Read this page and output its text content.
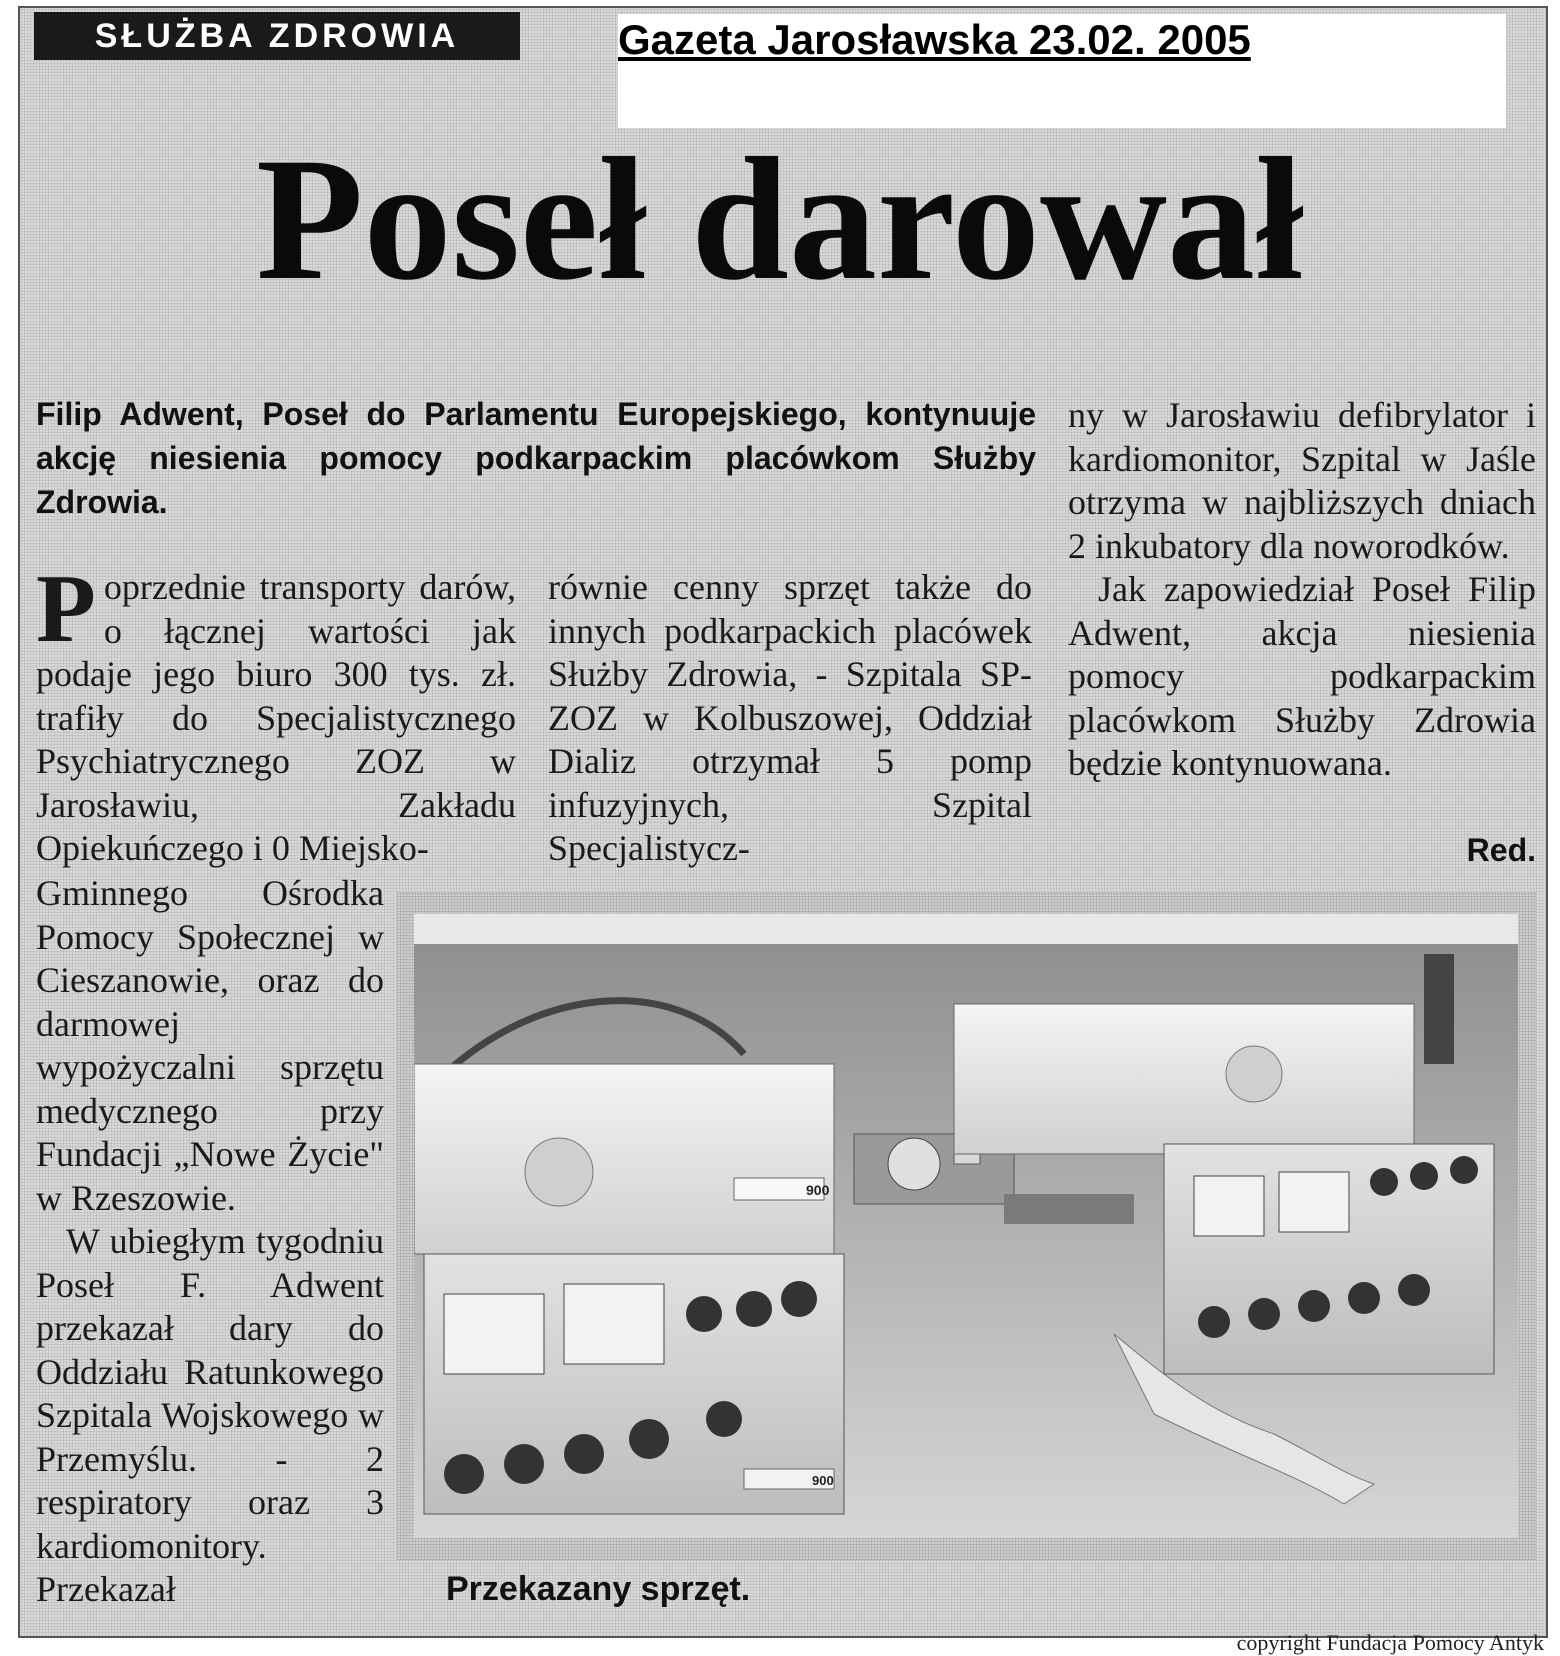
SŁUŻBA ZDROWIA	Gazeta Jarosławska 23.02. 2005
Poseł darował
Filip Adwent, Poseł do Parlamentu Europejskiego, kontynuuje akcję niesienia pomocy podkarpackim placówkom Służby Zdrowia.

Poprzednie transporty darów, o łącznej wartości jak podaje jego biuro 300 tys. zł. trafiły do Specjalistycznego Psychiatrycznego ZOZ w Jarosławiu, Zakładu Opiekuńczego i 0 Miejsko-

Gminnego Ośrodka Pomocy Społecznej w Cieszanowie, oraz do darmowej wypożyczalni sprzętu medycznego przy Fundacji „Nowe Życie" w Rzeszowie.

W ubiegłym tygodniu Poseł F. Adwent przekazał dary do Oddziału Ratunkowego Szpitala Wojskowego w Przemyślu. - 2 respiratory oraz 3 kardiomonitory. Przekazał

równie cenny sprzęt także do innych podkarpackich placówek Służby Zdrowia, - Szpitala SP-ZOZ w Kolbuszowej, Oddział Dializ otrzymał 5 pomp infuzyjnych, Szpital Specjalistycz-

ny w Jarosławiu defibrylator i kardiomonitor, Szpital w Jaśle otrzyma w najbliższych dniach 2 inkubatory dla noworodków.

Jak zapowiedział Poseł Filip Adwent, akcja niesienia pomocy podkarpackim placówkom Służby Zdrowia będzie kontynuowana.

Red.
900
900
Przekazany sprzęt.
copyright Fundacja Pomocy Antyk
